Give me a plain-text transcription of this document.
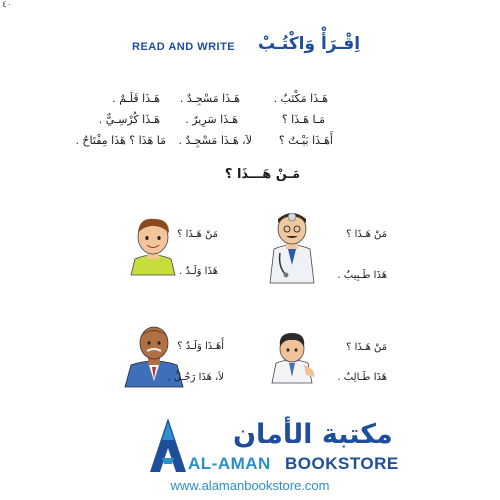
٤٠
READ AND WRITE اِقْـرَأْ وَاكْتُـبْ
هَـذَا مَكْتَبٌ .
هَـذَا مَسْجِـدٌ .
هَـذَا قَلَـمٌ .
مَـا هَـذَا ؟
هَـذَا سَرِيرٌ .
هَـذَا كُرْسِـيٌّ .
أَهَـذَا بَيْـتٌ ؟
لاَ، هَـذَا مَسْجِـدٌ .
مَا هَذَا ؟ هَذَا مِفْتَاحٌ .
مَـنْ هَـــذَا ؟
مَنْ هَـذَا ؟
هَذَا طَـبِيبٌ .
مَنْ هَـذَا ؟
هَذَا وَلَـدٌ .
مَنْ هَـذَا ؟
هَذَا طَـالِبٌ .
أَهَـذَا وَلَـدٌ ؟
لاَ، هَذَا رَجُـلٌ .
مكتبة الأمان
AL-AMAN BOOKSTORE
www.alamanbookstore.com
